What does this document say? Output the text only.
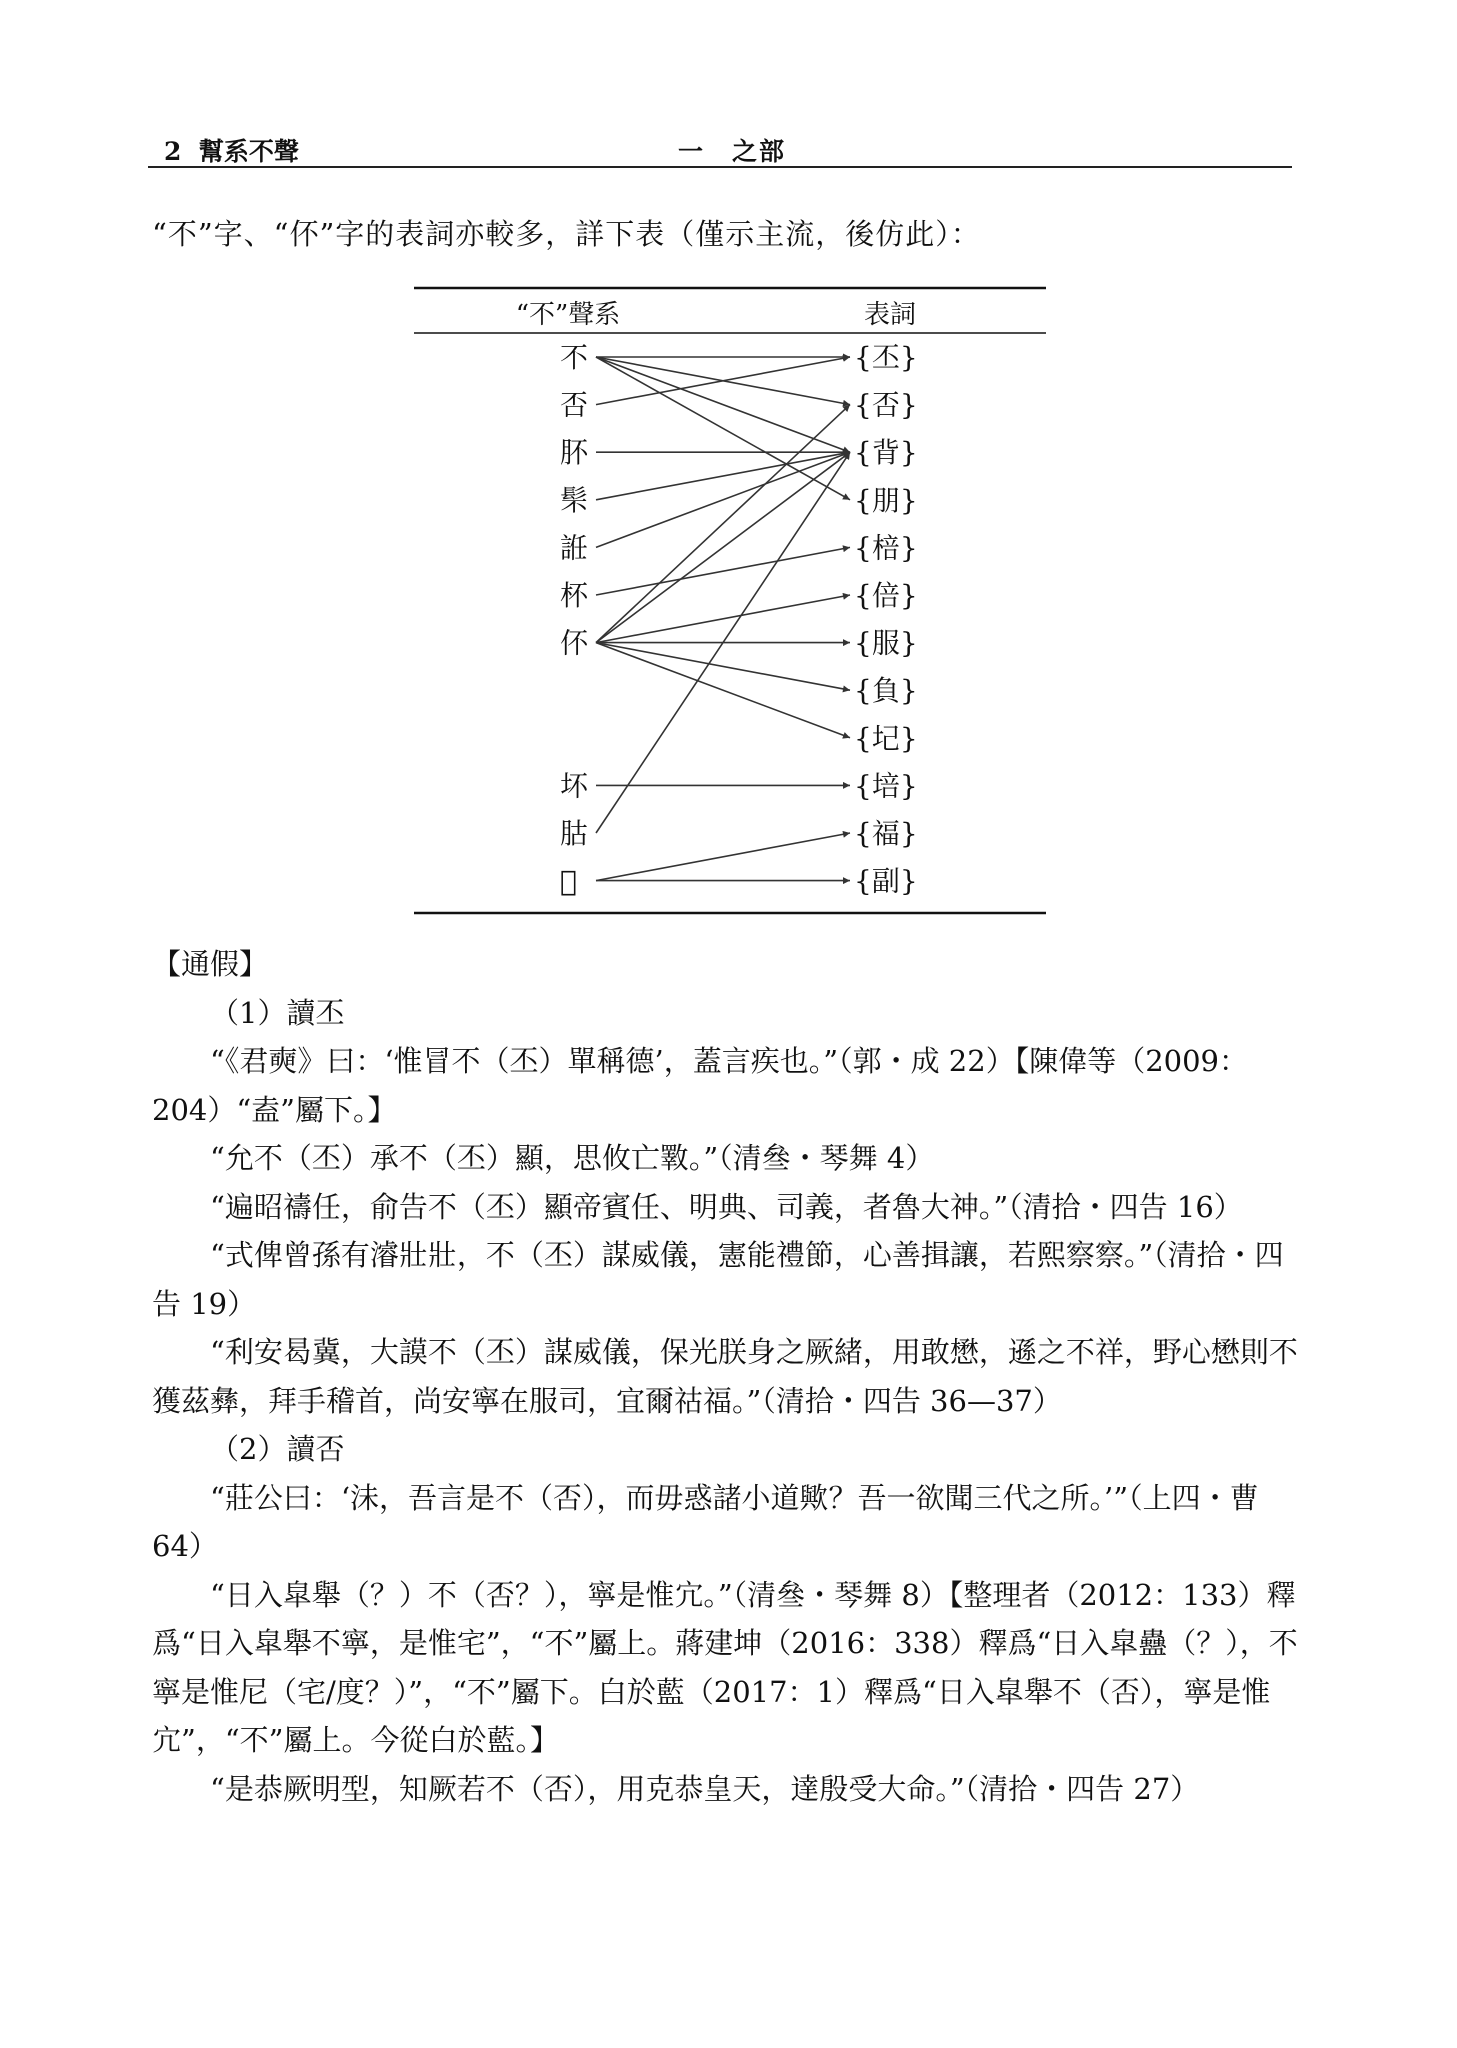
2 幫系不聲	一　之部
“不”字、“伓”字的表詞亦較多，詳下表（僅示主流，後仿此）：
“不”聲系	表詞
不
否
肧
䯱
䛘
杯
伓
坏
𦙶
𥙊
{丕}
{否}
{背}
{朋}
{棓}
{倍}
{服}
{負}
{圮}
{培}
{福}
{副}

【通假】

（1）讀丕

“《君奭》曰：‘惟冒不（丕）單稱德’，蓋言疾也。”（郭・成 22）【陳偉等（2009：204）“盍”屬下。】

“允不（丕）承不（丕）顯，思攸亡斁。”（清叄・琴舞 4）

“遍昭禱任，俞告不（丕）顯帝賓任、明典、司義，者魯大神。”（清拾・四告 16）

“式俾曾孫有濬壯壯，不（丕）謀威儀，憲能禮節，心善揖讓，若熙察察。”（清拾・四告 19）

“利安曷冀，大謨不（丕）謀威儀，保光朕身之厥緒，用敢懋，遜之不祥，野心懋則不獲茲彝，拜手稽首，尚安寧在服司，宜爾祜福。”（清拾・四告 36—37）

（2）讀否

“莊公曰：‘沬，吾言是不（否），而毋惑諸小道歟？吾一欲聞三代之所。’”（上四・曹 64）

“日入皐舉（？）不（否？），寧是惟宂。”（清叄・琴舞 8）【整理者（2012：133）釋爲“日入皐舉不寧，是惟宅”，“不”屬上。蔣建坤（2016：338）釋爲“日入皐蠱（？），不寧是惟尼（宅/度？）”，“不”屬下。白於藍（2017：1）釋爲“日入皐舉不（否），寧是惟宂”，“不”屬上。今從白於藍。】

“是恭厥明型，知厥若不（否），用克恭皇天，達殷受大命。”（清拾・四告 27）
